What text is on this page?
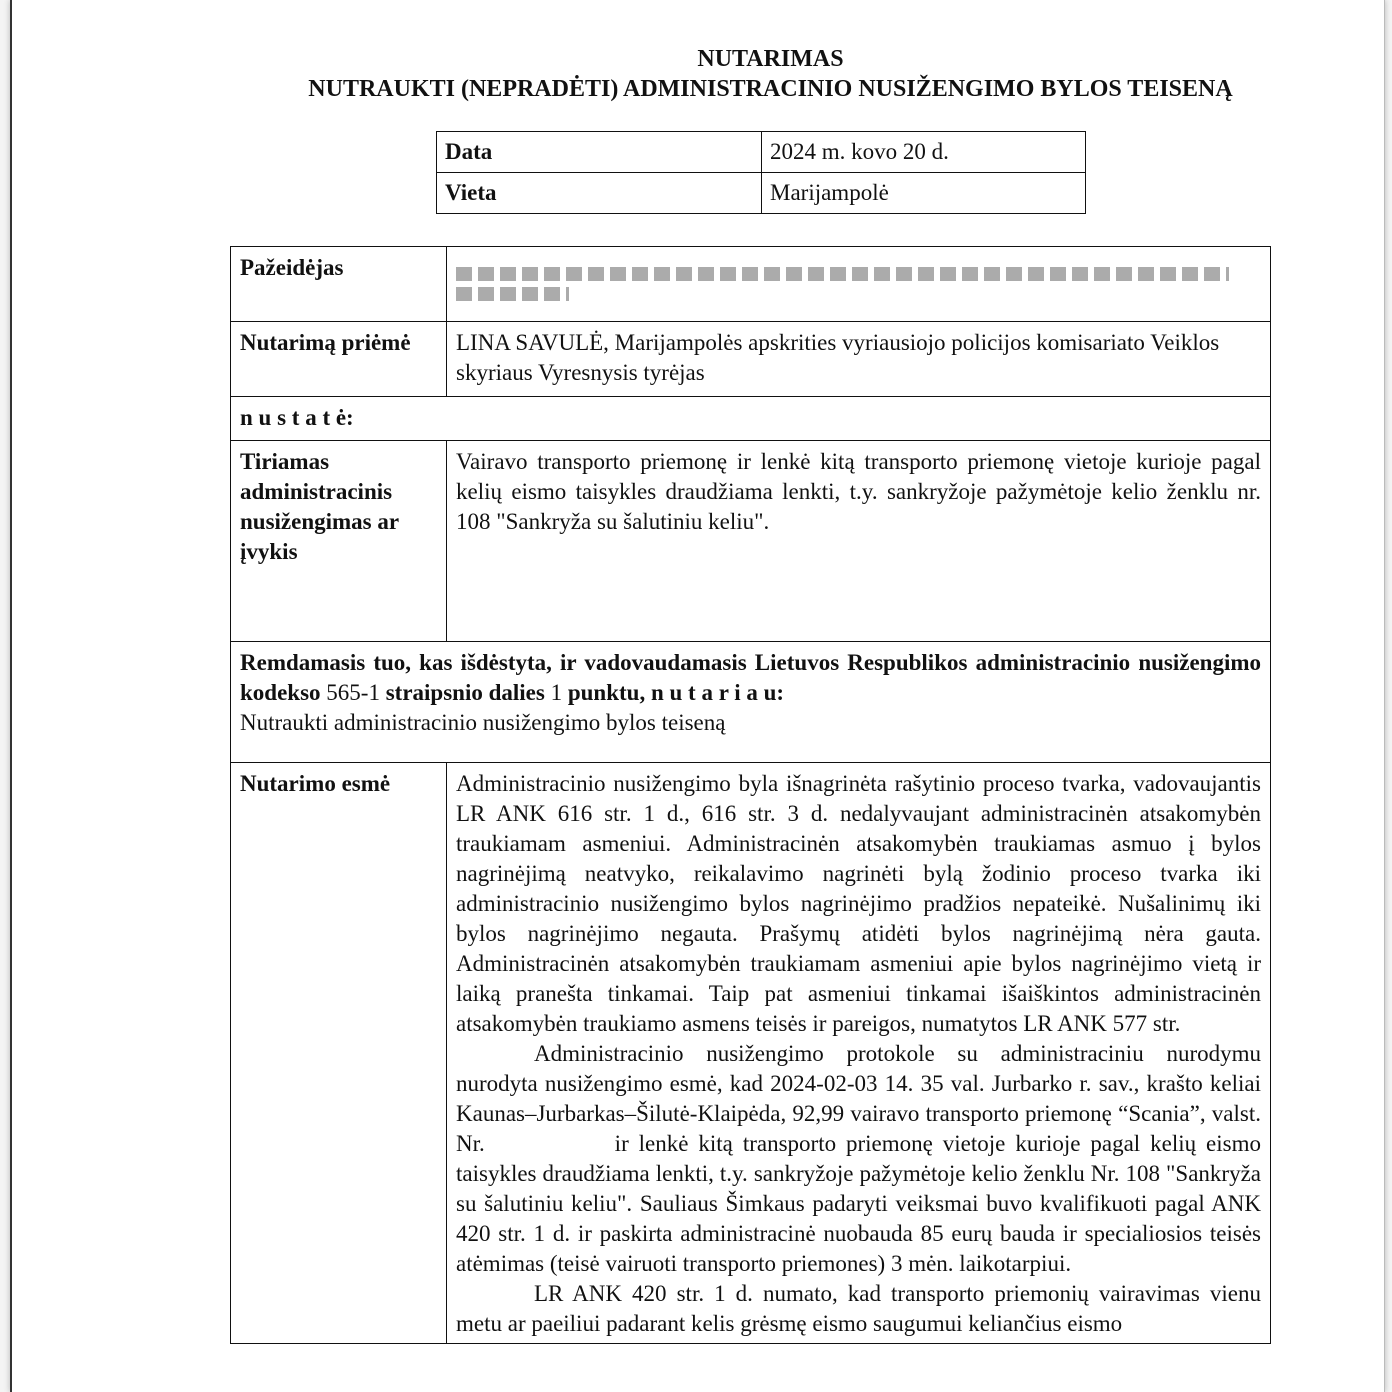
NUTARIMAS
NUTRAUKTI (NEPRADĖTI) ADMINISTRACINIO NUSIŽENGIMO BYLOS TEISENĄ
Data	2024 m. kovo 20 d.
Vieta	Marijampolė
Pažeidėjas	

Nutarimą priėmė	LINA SAVULĖ, Marijampolės apskrities vyriausiojo policijos komisariato Veiklos skyriaus Vyresnysis tyrėjas
n u s t a t ė:	
Tiriamas administracinis nusižengimas ar įvykis	Vairavo transporto priemonę ir lenkė kitą transporto priemonę vietoje kurioje pagal kelių eismo taisykles draudžiama lenkti, t.y. sankryžoje pažymėtoje kelio ženklu nr. 108 "Sankryža su šalutiniu keliu".

Remdamasis tuo, kas išdėstyta, ir vadovaudamasis Lietuvos Respublikos administracinio nusižengimo kodekso 565-1 straipsnio dalies 1 punktu, n u t a r i a u:

Nutraukti administracinio nusižengimo bylos teiseną	

Nutarimo esmė	Administracinio nusižengimo byla išnagrinėta rašytinio proceso tvarka, vadovaujantis LR ANK 616 str. 1 d., 616 str. 3 d. nedalyvaujant administracinėn atsakomybėn traukiamam asmeniui. Administracinėn atsakomybėn traukiamas asmuo į bylos nagrinėjimą neatvyko, reikalavimo nagrinėti bylą žodinio proceso tvarka iki administracinio nusižengimo bylos nagrinėjimo pradžios nepateikė. Nušalinimų iki bylos nagrinėjimo negauta. Prašymų atidėti bylos nagrinėjimą nėra gauta. Administracinėn atsakomybėn traukiamam asmeniui apie bylos nagrinėjimo vietą ir laiką pranešta tinkamai. Taip pat asmeniui tinkamai išaiškintos administracinėn atsakomybėn traukiamo asmens teisės ir pareigos, numatytos LR ANK 577 str.

Administracinio nusižengimo protokole su administraciniu nurodymu nurodyta nusižengimo esmė, kad 2024-02-03 14. 35 val. Jurbarko r. sav., krašto keliai Kaunas–Jurbarkas–Šilutė-Klaipėda, 92,99 vairavo transporto priemonę “Scania”, valst. Nr. ir lenkė kitą transporto priemonę vietoje kurioje pagal kelių eismo taisykles draudžiama lenkti, t.y. sankryžoje pažymėtoje kelio ženklu Nr. 108 "Sankryža su šalutiniu keliu". Sauliaus Šimkaus padaryti veiksmai buvo kvalifikuoti pagal ANK 420 str. 1 d. ir paskirta administracinė nuobauda 85 eurų bauda ir specialiosios teisės atėmimas (teisė vairuoti transporto priemones) 3 mėn. laikotarpiui.

LR ANK 420 str. 1 d. numato, kad transporto priemonių vairavimas vienu metu ar paeiliui padarant kelis grėsmę eismo saugumui keliančius eismo
